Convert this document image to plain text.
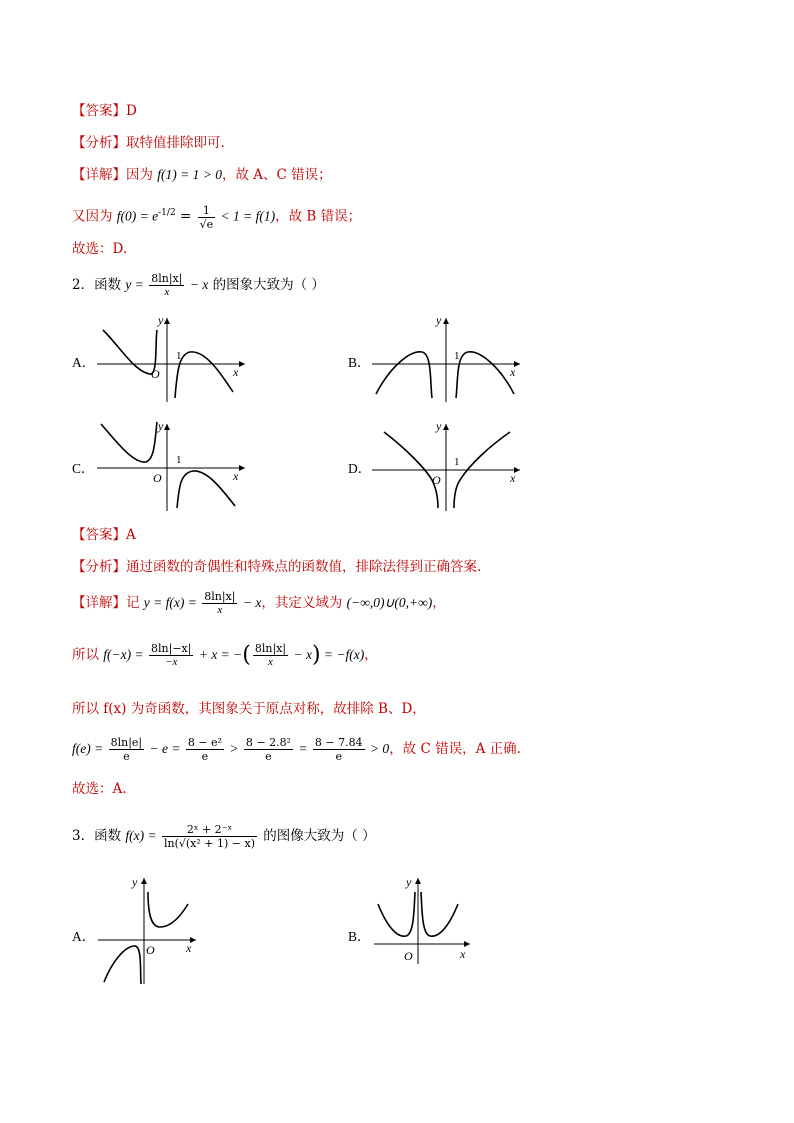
【答案】D
【分析】取特值排除即可.
【详解】因为 f(1) = 1 > 0，故 A、C 错误；
又因为 $f(0) = e^{-1/2} = \frac{1}{√e} < 1 = f(1)$，故 B 错误；
故选：D.
2．函数 $y = \frac{8\ln|x|}{x} - x$ 的图象大致为（ ）
A．	B．
C．	D．
y
x
O
1
y
x
1
y
x
O
1
y
x
O
1
【答案】A
【分析】通过函数的奇偶性和特殊点的函数值，排除法得到正确答案.
【详解】记 $y = f(x) = \frac{8\ln|x|}{x} - x$，其定义域为 (−∞,0)∪(0,+∞)，
所以 $f(-x) = \frac{8\ln|-x|}{-x} + x$ = −( $\frac{8\ln|x|}{x} - x) = -f(x)$，
所以 f(x) 为奇函数，其图象关于原点对称，故排除 B、D，
$f(e) = \frac{8\ln|e|}{e} - e = \frac{\text{8 − e²}}{e} > \frac{\text{8 − 2.8²}}{e} = \frac{8 - 7.84}{e} > 0$，故 C 错误，A 正确.
故选：A.
3．函数 $f(x) = \frac{\text{2ˣ + 2⁻ˣ}}{\text{ln(√(x² + 1) − x)}}$ 的图像大致为（ ）
A．	B．
y
x
O
y
x
O
